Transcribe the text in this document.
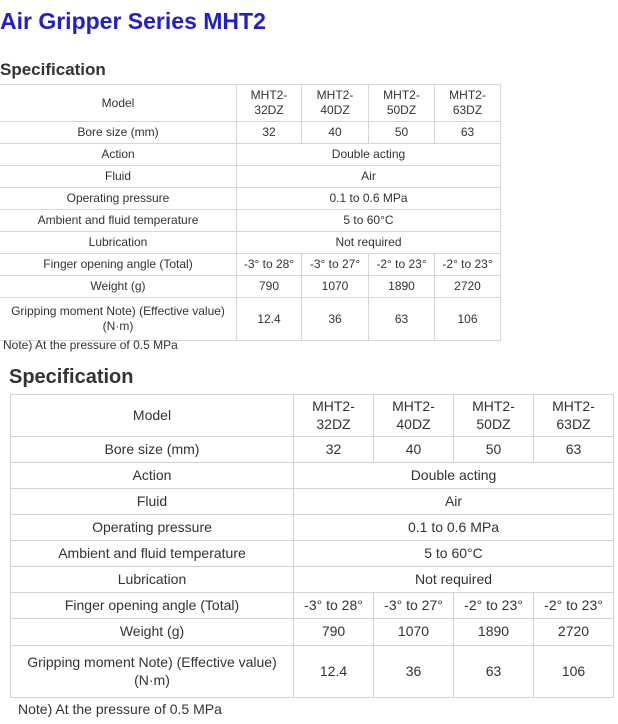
Air Gripper Series MHT2
Specification
Model	MHT2-32DZ	MHT2-40DZ	MHT2-50DZ	MHT2-63DZ
Bore size (mm)	32	40	50	63
Action	Double acting			
Fluid	Air			
Operating pressure	0.1 to 0.6 MPa			
Ambient and fluid temperature	5 to 60°C			
Lubrication	Not required			
Finger opening angle (Total)	-3° to 28°	-3° to 27°	-2° to 23°	-2° to 23°
Weight (g)	790	1070	1890	2720
Gripping moment Note) (Effective value) (N·m)	12.4	36	63	106

Note) At the pressure of 0.5 MPa

Specification
Model	MHT2-32DZ	MHT2-40DZ	MHT2-50DZ	MHT2-63DZ
Bore size (mm)	32	40	50	63
Action	Double acting			
Fluid	Air			
Operating pressure	0.1 to 0.6 MPa			
Ambient and fluid temperature	5 to 60°C			
Lubrication	Not required			
Finger opening angle (Total)	-3° to 28°	-3° to 27°	-2° to 23°	-2° to 23°
Weight (g)	790	1070	1890	2720
Gripping moment Note) (Effective value) (N·m)	12.4	36	63	106

Note) At the pressure of 0.5 MPa
